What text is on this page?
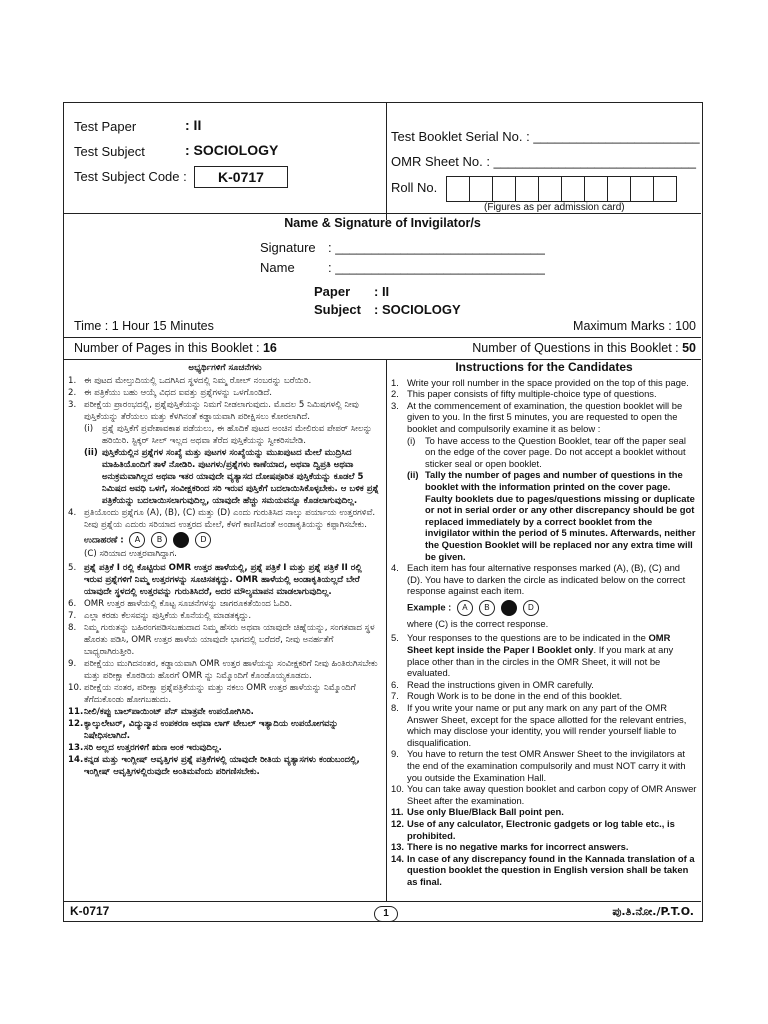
Test Paper	: II
Test Subject	: SOCIOLOGY
Test Subject Code :	K-0717
Test Booklet Serial No. : _______________________
OMR Sheet No. : ____________________________
Roll No.
(Figures as per admission card)
Name & Signature of Invigilator/s
Signature : _____________________________
Name	: _____________________________
Paper : II
Subject : SOCIOLOGY
Time : 1 Hour 15 Minutes	Maximum Marks : 100
Number of Pages in this Booklet : 16	Number of Questions in this Booklet : 50
ಅಭ್ಯರ್ಥಿಗಳಿಗೆ ಸೂಚನೆಗಳು
1. ಈ ಪುಟದ ಮೇಲ್ತುದಿಯಲ್ಲಿ ಒದಗಿಸಿದ ಸ್ಥಳದಲ್ಲಿ ನಿಮ್ಮ ರೋಲ್ ನಂಬರನ್ನು ಬರೆಯಿರಿ.
2. ಈ ಪತ್ರಿಕೆಯು ಬಹು ಆಯ್ಕೆ ವಿಧದ ಐವತ್ತು ಪ್ರಶ್ನೆಗಳನ್ನು ಒಳಗೊಂಡಿದೆ.
3. ಪರೀಕ್ಷೆಯ ಪ್ರಾರಂಭದಲ್ಲಿ, ಪ್ರಶ್ನೆಪುಸ್ತಿಕೆಯನ್ನು ನಿಮಗೆ ನೀಡಲಾಗುವುದು. ಮೊದಲ 5 ನಿಮಿಷಗಳಲ್ಲಿ ನೀವು ಪುಸ್ತಿಕೆಯನ್ನು ತೆರೆಯಲು ಮತ್ತು ಕೆಳಗಿನಂತೆ ಕಡ್ಡಾಯವಾಗಿ ಪರೀಕ್ಷಿಸಲು ಕೋರಲಾಗಿದೆ.
(i)	ಪ್ರಶ್ನೆ ಪುಸ್ತಿಕೆಗೆ ಪ್ರವೇಶಾವಕಾಶ ಪಡೆಯಲು, ಈ ಹೊದಿಕೆ ಪುಟದ ಅಂಚಿನ ಮೇಲಿರುವ ಪೇಪರ್ ಸೀಲನ್ನು ಹರಿಯಿರಿ. ಸ್ಟಿಕ್ಕರ್ ಸೀಲ್ ಇಲ್ಲದ ಅಥವಾ ತೆರೆದ ಪುಸ್ತಿಕೆಯನ್ನು ಸ್ವೀಕರಿಸಬೇಡಿ.
(ii) ಪುಸ್ತಿಕೆಯಲ್ಲಿನ ಪ್ರಶ್ನೆಗಳ ಸಂಖ್ಯೆ ಮತ್ತು ಪುಟಗಳ ಸಂಖ್ಯೆಯನ್ನು ಮುಖಪುಟದ ಮೇಲೆ ಮುದ್ರಿಸಿದ ಮಾಹಿತಿಯೊಂದಿಗೆ ತಾಳೆ ನೋಡಿರಿ. ಪುಟಗಳು/ಪ್ರಶ್ನೆಗಳು ಕಾಣೆಯಾದ, ಅಥವಾ ದ್ವಿಪ್ರತಿ ಅಥವಾ ಅನುಕ್ರಮವಾಗಿಲ್ಲದ ಅಥವಾ ಇತರ ಯಾವುದೇ ವ್ಯತ್ಯಾಸದ ದೋಷಪೂರಿತ ಪುಸ್ತಿಕೆಯನ್ನು ಕೂಡಲೆ 5 ನಿಮಿಷದ ಅವಧಿ ಒಳಗೆ, ಸಂವೀಕ್ಷಕರಿಂದ ಸರಿ ಇರುವ ಪುಸ್ತಿಕೆಗೆ ಬದಲಾಯಿಸಿಕೊಳ್ಳಬೇಕು. ಆ ಬಳಿಕ ಪ್ರಶ್ನೆ ಪತ್ರಿಕೆಯನ್ನು ಬದಲಾಯಿಸಲಾಗುವುದಿಲ್ಲ, ಯಾವುದೇ ಹೆಚ್ಚು ಸಮಯವನ್ನೂ ಕೊಡಲಾಗುವುದಿಲ್ಲ.
4. ಪ್ರತಿಯೊಂದು ಪ್ರಶ್ನೆಗೂ (A), (B), (C) ಮತ್ತು (D) ಎಂದು ಗುರುತಿಸಿದ ನಾಲ್ಕು ಪರ್ಯಾಯ ಉತ್ತರಗಳಿವೆ. ನೀವು ಪ್ರಶ್ನೆಯ ಎದುರು ಸರಿಯಾದ ಉತ್ತರದ ಮೇಲೆ, ಕೆಳಗೆ ಕಾಣಿಸಿದಂತೆ ಅಂಡಾಕೃತಿಯನ್ನು ಕಪ್ಪಾಗಿಸಬೇಕು.
ಉದಾಹರಣೆ : A B	D
(C) ಸರಿಯಾದ ಉತ್ತರವಾಗಿದ್ದಾಗ.
5. ಪ್ರಶ್ನೆ ಪತ್ರಿಕೆ I ರಲ್ಲಿ ಕೊಟ್ಟಿರುವ OMR ಉತ್ತರ ಹಾಳೆಯಲ್ಲಿ, ಪ್ರಶ್ನೆ ಪತ್ರಿಕೆ I ಮತ್ತು ಪ್ರಶ್ನೆ ಪತ್ರಿಕೆ II ರಲ್ಲಿ ಇರುವ ಪ್ರಶ್ನೆಗಳಿಗೆ ನಿಮ್ಮ ಉತ್ತರಗಳನ್ನು ಸೂಚಿಸತಕ್ಕದ್ದು. OMR ಹಾಳೆಯಲ್ಲಿ ಅಂಡಾಕೃತಿಯಲ್ಲದೆ ಬೇರೆ ಯಾವುದೇ ಸ್ಥಳದಲ್ಲಿ ಉತ್ತರವನ್ನು ಗುರುತಿಸಿದರೆ, ಅದರ ಮೌಲ್ಯಮಾಪನ ಮಾಡಲಾಗುವುದಿಲ್ಲ.
6. OMR ಉತ್ತರ ಹಾಳೆಯಲ್ಲಿ ಕೊಟ್ಟ ಸೂಚನೆಗಳನ್ನು ಜಾಗರೂಕತೆಯಿಂದ ಓದಿರಿ.
7. ಎಲ್ಲಾ ಕರಡು ಕೆಲಸವನ್ನು ಪುಸ್ತಿಕೆಯ ಕೊನೆಯಲ್ಲಿ ಮಾಡತಕ್ಕದ್ದು.
8. ನಿಮ್ಮ ಗುರುತನ್ನು ಬಹಿರಂಗಪಡಿಸಬಹುದಾದ ನಿಮ್ಮ ಹೆಸರು ಅಥವಾ ಯಾವುದೇ ಚಿಹ್ನೆಯನ್ನು, ಸಂಗತವಾದ ಸ್ಥಳ ಹೊರತು ಪಡಿಸಿ, OMR ಉತ್ತರ ಹಾಳೆಯ ಯಾವುದೇ ಭಾಗದಲ್ಲಿ ಬರೆದರೆ, ನೀವು ಅನರ್ಹತೆಗೆ ಬಾಧ್ಯರಾಗಿರುತ್ತೀರಿ.
9. ಪರೀಕ್ಷೆಯು ಮುಗಿದನಂತರ, ಕಡ್ಡಾಯವಾಗಿ OMR ಉತ್ತರ ಹಾಳೆಯನ್ನು ಸಂವೀಕ್ಷಕರಿಗೆ ನೀವು ಹಿಂತಿರುಗಿಸಬೇಕು ಮತ್ತು ಪರೀಕ್ಷಾ ಕೊಠಡಿಯ ಹೊರಗೆ OMR ನ್ನು ನಿಮ್ಮೊಂದಿಗೆ ಕೊಂಡೊಯ್ಯಕೂಡದು.
10. ಪರೀಕ್ಷೆಯ ನಂತರ, ಪರೀಕ್ಷಾ ಪ್ರಶ್ನೆಪತ್ರಿಕೆಯನ್ನು ಮತ್ತು ನಕಲು OMR ಉತ್ತರ ಹಾಳೆಯನ್ನು ನಿಮ್ಮೊಂದಿಗೆ ತೆಗೆದುಕೊಂಡು ಹೋಗಬಹುದು.
11. ನೀಲಿ/ಕಪ್ಪು ಬಾಲ್‌ಪಾಯಿಂಟ್ ಪೆನ್ ಮಾತ್ರವೇ ಉಪಯೋಗಿಸಿರಿ.
12. ಕ್ಯಾಲ್ಕುಲೇಟರ್, ವಿದ್ಯುನ್ಮಾನ ಉಪಕರಣ ಅಥವಾ ಲಾಗ್ ಟೇಬಲ್ ಇತ್ಯಾದಿಯ ಉಪಯೋಗವನ್ನು ನಿಷೇಧಿಸಲಾಗಿದೆ.
13. ಸರಿ ಅಲ್ಲದ ಉತ್ತರಗಳಿಗೆ ಋಣ ಅಂಕ ಇರುವುದಿಲ್ಲ.
14. ಕನ್ನಡ ಮತ್ತು ಇಂಗ್ಲೀಷ್ ಆವೃತ್ತಿಗಳ ಪ್ರಶ್ನೆ ಪತ್ರಿಕೆಗಳಲ್ಲಿ ಯಾವುದೇ ರೀತಿಯ ವ್ಯತ್ಯಾಸಗಳು ಕಂಡುಬಂದಲ್ಲಿ, ಇಂಗ್ಲೀಷ್ ಆವೃತ್ತಿಗಳಲ್ಲಿರುವುದೇ ಅಂತಿಮವೆಂದು ಪರಿಗಣಿಸಬೇಕು.
Instructions for the Candidates
1. Write your roll number in the space provided on the top of this page.
2. This paper consists of fifty multiple-choice type of questions.
3. At the commencement of examination, the question booklet will be given to you. In the first 5 minutes, you are requested to open the booklet and compulsorily examine it as below :
(i)	To have access to the Question Booklet, tear off the paper seal on the edge of the cover page. Do not accept a booklet without sticker seal or open booklet.
(ii) Tally the number of pages and number of questions in the booklet with the information printed on the cover page. Faulty booklets due to pages/questions missing or duplicate or not in serial order or any other discrepancy should be got replaced immediately by a correct booklet from the invigilator within the period of 5 minutes. Afterwards, neither the Question Booklet will be replaced nor any extra time will be given.
4. Each item has four alternative responses marked (A), (B), (C) and (D). You have to darken the circle as indicated below on the correct response against each item.
Example : A B	D
where (C) is the correct response.
5. Your responses to the questions are to be indicated in the OMR Sheet kept inside the Paper I Booklet only. If you mark at any place other than in the circles in the OMR Sheet, it will not be evaluated.
6. Read the instructions given in OMR carefully.
7. Rough Work is to be done in the end of this booklet.
8. If you write your name or put any mark on any part of the OMR Answer Sheet, except for the space allotted for the relevant entries, which may disclose your identity, you will render yourself liable to disqualification.
9. You have to return the test OMR Answer Sheet to the invigilators at the end of the examination compulsorily and must NOT carry it with you outside the Examination Hall.
10. You can take away question booklet and carbon copy of OMR Answer Sheet after the examination.
11. Use only Blue/Black Ball point pen.
12. Use of any calculator, Electronic gadgets or log table etc., is prohibited.
13. There is no negative marks for incorrect answers.
14. In case of any discrepancy found in the Kannada translation of a question booklet the question in English version shall be taken as final.
K-0717	1	ಪು.ತಿ.ನೋ./P.T.O.
